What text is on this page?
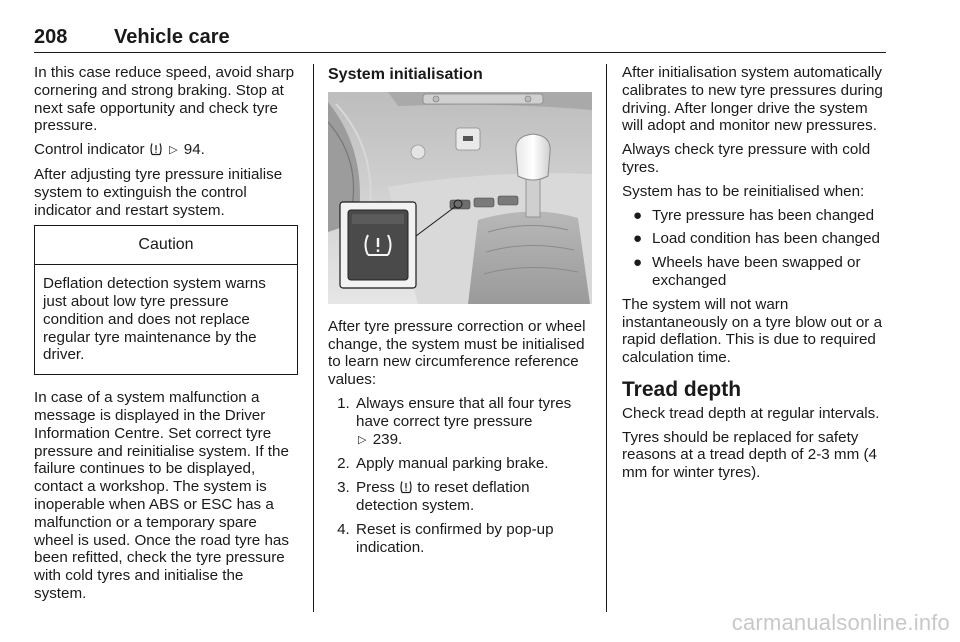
208 Vehicle care

In this case reduce speed, avoid sharp cornering and strong braking. Stop at next safe opportunity and check tyre pressure.

Control indicator ▷ 94.

After adjusting tyre pressure initialise system to extinguish the control indicator and restart system.

Caution
Deflation detection system warns just about low tyre pressure condition and does not replace regular tyre maintenance by the driver.

In case of a system malfunction a message is displayed in the Driver Information Centre. Set correct tyre pressure and reinitialise system. If the failure continues to be displayed, contact a workshop. The system is inoperable when ABS or ESC has a malfunction or a temporary spare wheel is used. Once the road tyre has been refitted, check the tyre pressure with cold tyres and initialise the system.

System initialisation

After tyre pressure correction or wheel change, the system must be initialised to learn new circumference reference values:

1. Always ensure that all four tyres have correct tyre pressure
▷ 239.
2. Apply manual parking brake.
3. Press to reset deflation detection system.
4. Reset is confirmed by pop-up indication.

After initialisation system automatically calibrates to new tyre pressures during driving. After longer drive the system will adopt and monitor new pressures.

Always check tyre pressure with cold tyres.

System has to be reinitialised when:

● Tyre pressure has been changed
● Load condition has been changed
● Wheels have been swapped or exchanged

The system will not warn instantaneously on a tyre blow out or a rapid deflation. This is due to required calculation time.

Tread depth

Check tread depth at regular intervals.

Tyres should be replaced for safety reasons at a tread depth of 2-3 mm (4 mm for winter tyres).

carmanualsonline.info
